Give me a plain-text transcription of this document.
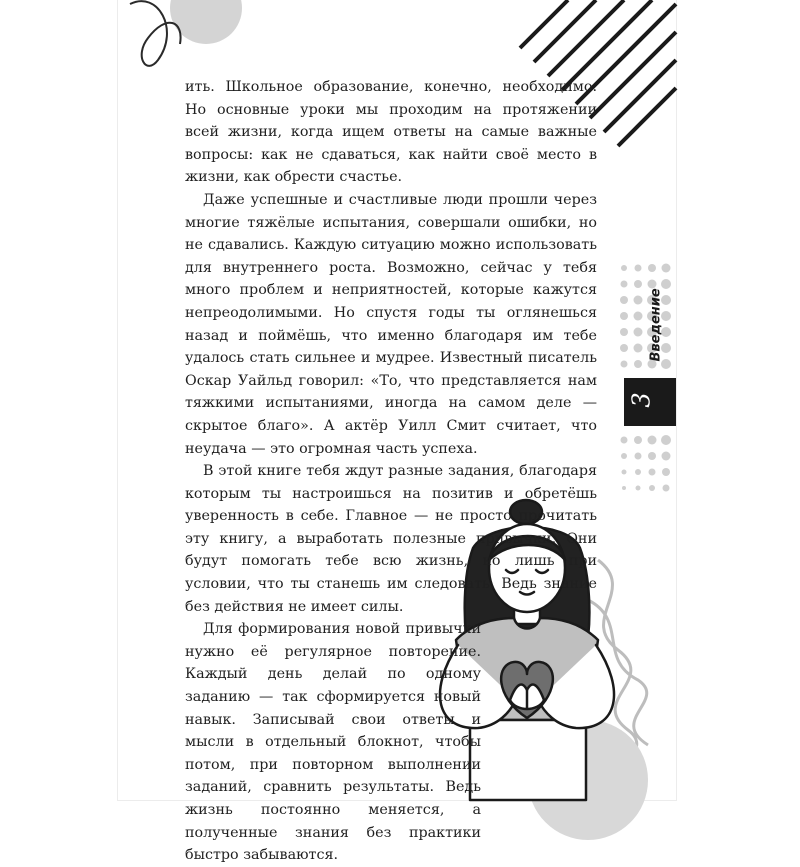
ить. Школьное образование, конечно, необходимо. Но основные уроки мы проходим на протяжении всей жизни, когда ищем ответы на самые важные вопросы: как не сдаваться, как найти своё место в жизни, как обрести счастье.

Даже успешные и счастливые люди прошли через многие тяжёлые испытания, совершали ошибки, но не сдавались. Каждую ситуацию можно использовать для внутреннего роста. Возможно, сейчас у тебя много проблем и неприятностей, которые кажутся непреодолимыми. Но спустя годы ты оглянешься назад и поймёшь, что именно благодаря им тебе удалось стать сильнее и мудрее. Известный писатель Оскар Уайльд говорил: «То, что представляется нам тяжкими испытаниями, иногда на самом деле — скрытое благо». А актёр Уилл Смит считает, что неудача — это огромная часть успеха.

В этой книге тебя ждут разные задания, благодаря которым ты настроишься на позитив и обретёшь уверенность в себе. Главное — не просто прочитать эту книгу, а выработать полезные привычки. Они будут помогать тебе всю жизнь, но лишь при условии, что ты станешь им следовать. Ведь знание без действия не имеет силы.

Для формирования новой привычки нужно её регулярное повторение. Каждый день делай по одному заданию — так сформируется новый навык. Записывай свои ответы и мысли в отдельный блокнот, чтобы потом, при повторном выполнении заданий, сравнить результаты. Ведь жизнь постоянно меняется, а полученные знания без практики быстро забываются.

Введение
3
